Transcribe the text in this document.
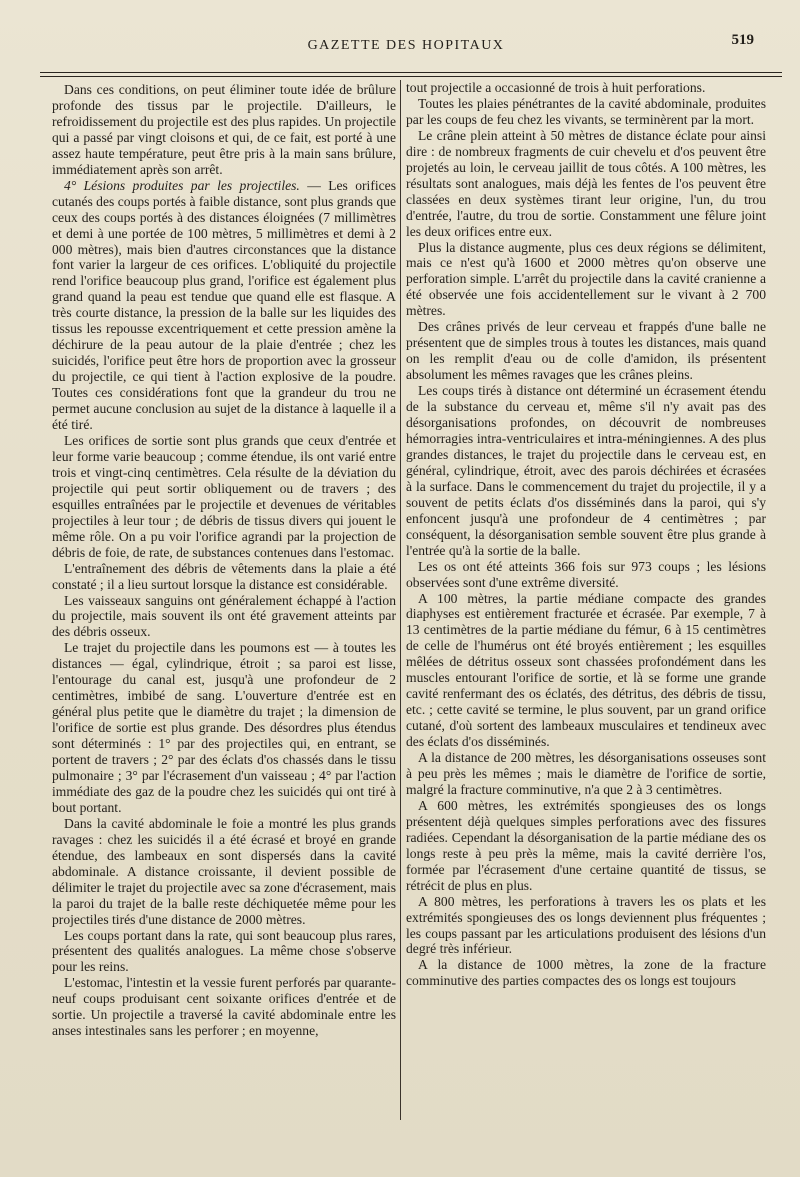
GAZETTE DES HOPITAUX	519

Dans ces conditions, on peut éliminer toute idée de brûlure profonde des tissus par le projectile. D'ailleurs, le refroidissement du projectile est des plus rapides. Un projectile qui a passé par vingt cloisons et qui, de ce fait, est porté à une assez haute température, peut être pris à la main sans brûlure, immédiatement après son arrêt.

4° Lésions produites par les projectiles. — Les orifices cutanés des coups portés à faible distance, sont plus grands que ceux des coups portés à des distances éloignées (7 millimètres et demi à une portée de 100 mètres, 5 millimètres et demi à 2 000 mètres), mais bien d'autres circonstances que la distance font varier la largeur de ces orifices. L'obliquité du projectile rend l'orifice beaucoup plus grand, l'orifice est également plus grand quand la peau est tendue que quand elle est flasque. A très courte distance, la pression de la balle sur les liquides des tissus les repousse excentriquement et cette pression amène la déchirure de la peau autour de la plaie d'entrée ; chez les suicidés, l'orifice peut être hors de proportion avec la grosseur du projectile, ce qui tient à l'action explosive de la poudre. Toutes ces considérations font que la grandeur du trou ne permet aucune conclusion au sujet de la distance à laquelle il a été tiré.

Les orifices de sortie sont plus grands que ceux d'entrée et leur forme varie beaucoup ; comme étendue, ils ont varié entre trois et vingt-cinq centimètres. Cela résulte de la déviation du projectile qui peut sortir obliquement ou de travers ; des esquilles entraînées par le projectile et devenues de véritables projectiles à leur tour ; de débris de tissus divers qui jouent le même rôle. On a pu voir l'orifice agrandi par la projection de débris de foie, de rate, de substances contenues dans l'estomac.

L'entraînement des débris de vêtements dans la plaie a été constaté ; il a lieu surtout lorsque la distance est considérable.

Les vaisseaux sanguins ont généralement échappé à l'action du projectile, mais souvent ils ont été gravement atteints par des débris osseux.

Le trajet du projectile dans les poumons est — à toutes les distances — égal, cylindrique, étroit ; sa paroi est lisse, l'entourage du canal est, jusqu'à une profondeur de 2 centimètres, imbibé de sang. L'ouverture d'entrée est en général plus petite que le diamètre du trajet ; la dimension de l'orifice de sortie est plus grande. Des désordres plus étendus sont déterminés : 1° par des projectiles qui, en entrant, se portent de travers ; 2° par des éclats d'os chassés dans le tissu pulmonaire ; 3° par l'écrasement d'un vaisseau ; 4° par l'action immédiate des gaz de la poudre chez les suicidés qui ont tiré à bout portant.

Dans la cavité abdominale le foie a montré les plus grands ravages : chez les suicidés il a été écrasé et broyé en grande étendue, des lambeaux en sont dispersés dans la cavité abdominale. A distance croissante, il devient possible de délimiter le trajet du projectile avec sa zone d'écrasement, mais la paroi du trajet de la balle reste déchiquetée même pour les projectiles tirés d'une distance de 2000 mètres.

Les coups portant dans la rate, qui sont beaucoup plus rares, présentent des qualités analogues. La même chose s'observe pour les reins.

L'estomac, l'intestin et la vessie furent perforés par quarante-neuf coups produisant cent soixante orifices d'entrée et de sortie. Un projectile a traversé la cavité abdominale entre les anses intestinales sans les perforer ; en moyenne,

tout projectile a occasionné de trois à huit perforations.

Toutes les plaies pénétrantes de la cavité abdominale, produites par les coups de feu chez les vivants, se terminèrent par la mort.

Le crâne plein atteint à 50 mètres de distance éclate pour ainsi dire : de nombreux fragments de cuir chevelu et d'os peuvent être projetés au loin, le cerveau jaillit de tous côtés. A 100 mètres, les résultats sont analogues, mais déjà les fentes de l'os peuvent être classées en deux systèmes tirant leur origine, l'un, du trou d'entrée, l'autre, du trou de sortie. Constamment une fêlure joint les deux orifices entre eux.

Plus la distance augmente, plus ces deux régions se délimitent, mais ce n'est qu'à 1600 et 2000 mètres qu'on observe une perforation simple. L'arrêt du projectile dans la cavité cranienne a été observée une fois accidentellement sur le vivant à 2 700 mètres.

Des crânes privés de leur cerveau et frappés d'une balle ne présentent que de simples trous à toutes les distances, mais quand on les remplit d'eau ou de colle d'amidon, ils présentent absolument les mêmes ravages que les crânes pleins.

Les coups tirés à distance ont déterminé un écrasement étendu de la substance du cerveau et, même s'il n'y avait pas des désorganisations profondes, on découvrit de nombreuses hémorragies intra-ventriculaires et intra-méningiennes. A des plus grandes distances, le trajet du projectile dans le cerveau est, en général, cylindrique, étroit, avec des parois déchirées et écrasées à la surface. Dans le commencement du trajet du projectile, il y a souvent de petits éclats d'os disséminés dans la paroi, qui s'y enfoncent jusqu'à une profondeur de 4 centimètres ; par conséquent, la désorganisation semble souvent être plus grande à l'entrée qu'à la sortie de la balle.

Les os ont été atteints 366 fois sur 973 coups ; les lésions observées sont d'une extrême diversité.

A 100 mètres, la partie médiane compacte des grandes diaphyses est entièrement fracturée et écrasée. Par exemple, 7 à 13 centimètres de la partie médiane du fémur, 6 à 15 centimètres de celle de l'humérus ont été broyés entièrement ; les esquilles mêlées de détritus osseux sont chassées profondément dans les muscles entourant l'orifice de sortie, et là se forme une grande cavité renfermant des os éclatés, des détritus, des débris de tissu, etc. ; cette cavité se termine, le plus souvent, par un grand orifice cutané, d'où sortent des lambeaux musculaires et tendineux avec des éclats d'os disséminés.

A la distance de 200 mètres, les désorganisations osseuses sont à peu près les mêmes ; mais le diamètre de l'orifice de sortie, malgré la fracture comminutive, n'a que 2 à 3 centimètres.

A 600 mètres, les extrémités spongieuses des os longs présentent déjà quelques simples perforations avec des fissures radiées. Cependant la désorganisation de la partie médiane des os longs reste à peu près la même, mais la cavité derrière l'os, formée par l'écrasement d'une certaine quantité de tissus, se rétrécit de plus en plus.

A 800 mètres, les perforations à travers les os plats et les extrémités spongieuses des os longs deviennent plus fréquentes ; les coups passant par les articulations produisent des lésions d'un degré très inférieur.

A la distance de 1000 mètres, la zone de la fracture comminutive des parties compactes des os longs est toujours
